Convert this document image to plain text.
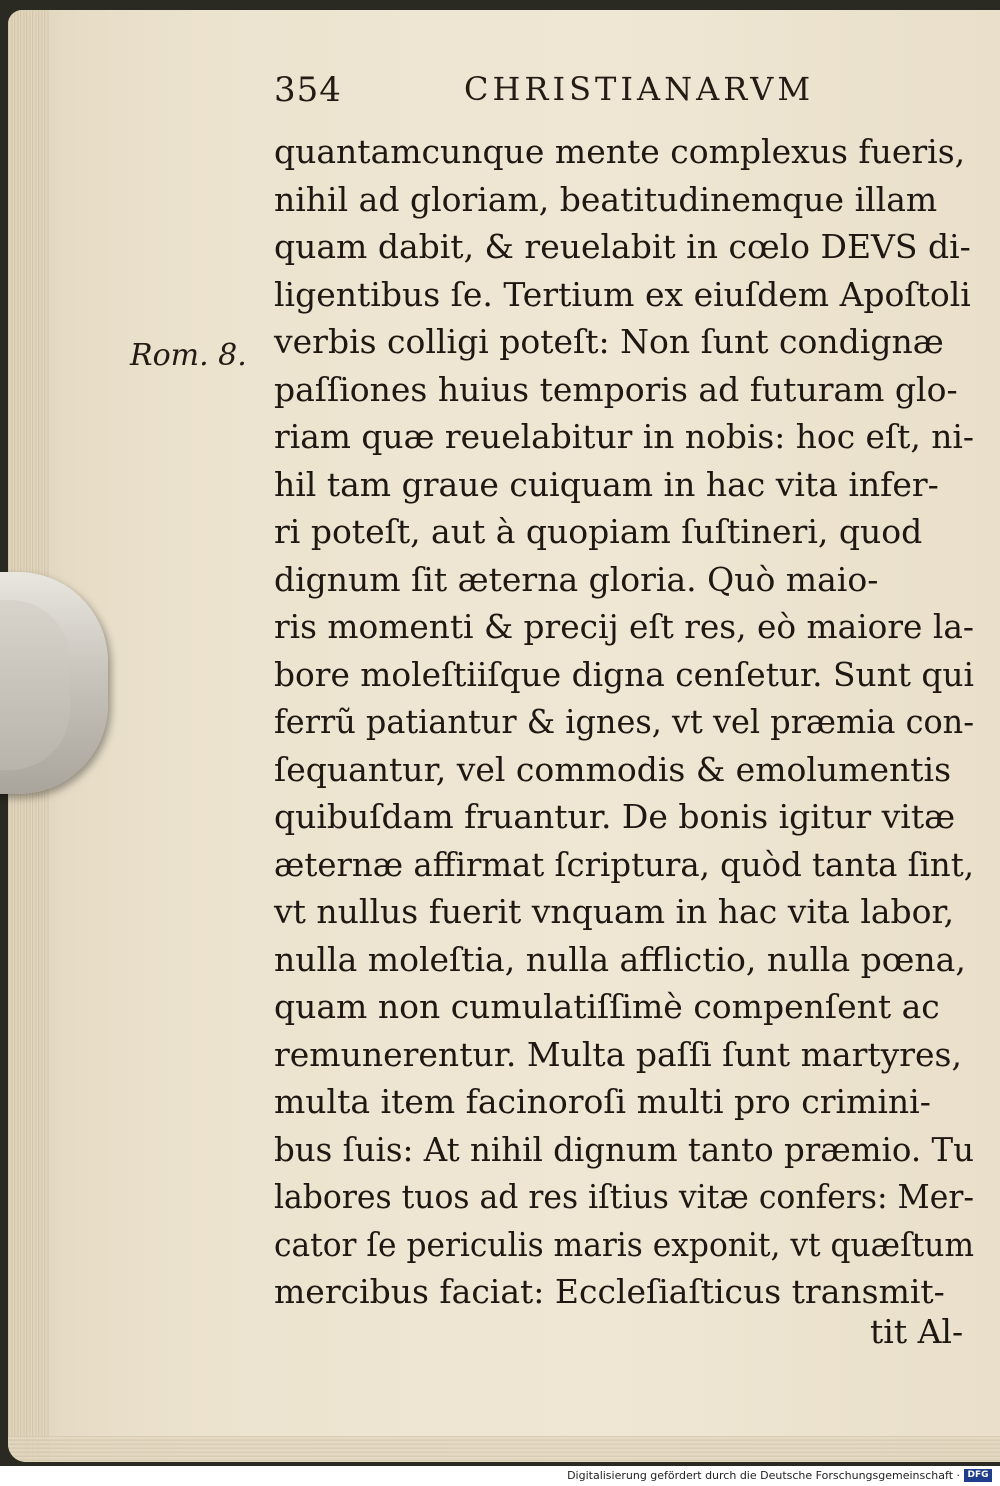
354	CHRISTIANARVM
Rom. 8.
quantamcunque mente complexus fueris,
nihil ad gloriam, beatitudinemque illam
quam dabit, & reuelabit in cœlo DEVS di-
ligentibus ſe. Tertium ex eiuſdem Apoſtoli
verbis colligi poteſt: Non ſunt condignæ
paſſiones huius temporis ad futuram glo-
riam quæ reuelabitur in nobis: hoc eſt, ni-
hil tam graue cuiquam in hac vita infer-
ri poteſt, aut à quopiam ſuſtineri, quod
dignum ſit æterna gloria. Quò maio-
ris momenti & precij eſt res, eò maiore la-
bore moleſtiiſque digna cenſetur. Sunt qui
ferrũ patiantur & ignes, vt vel præmia con-
ſequantur, vel commodis & emolumentis
quibuſdam fruantur. De bonis igitur vitæ
æternæ affirmat ſcriptura, quòd tanta ſint,
vt nullus fuerit vnquam in hac vita labor,
nulla moleſtia, nulla afflictio, nulla pœna,
quam non cumulatiſſimè compenſent ac
remunerentur. Multa paſſi ſunt martyres,
multa item facinoroſi multi pro crimini-
bus ſuis: At nihil dignum tanto præmio. Tu
labores tuos ad res iſtius vitæ confers: Mer-
cator ſe periculis maris exponit, vt quæſtum
mercibus faciat: Eccleſiaſticus transmit-
tit Al-
Digitalisierung gefördert durch die Deutsche Forschungsgemeinschaft · DFG
